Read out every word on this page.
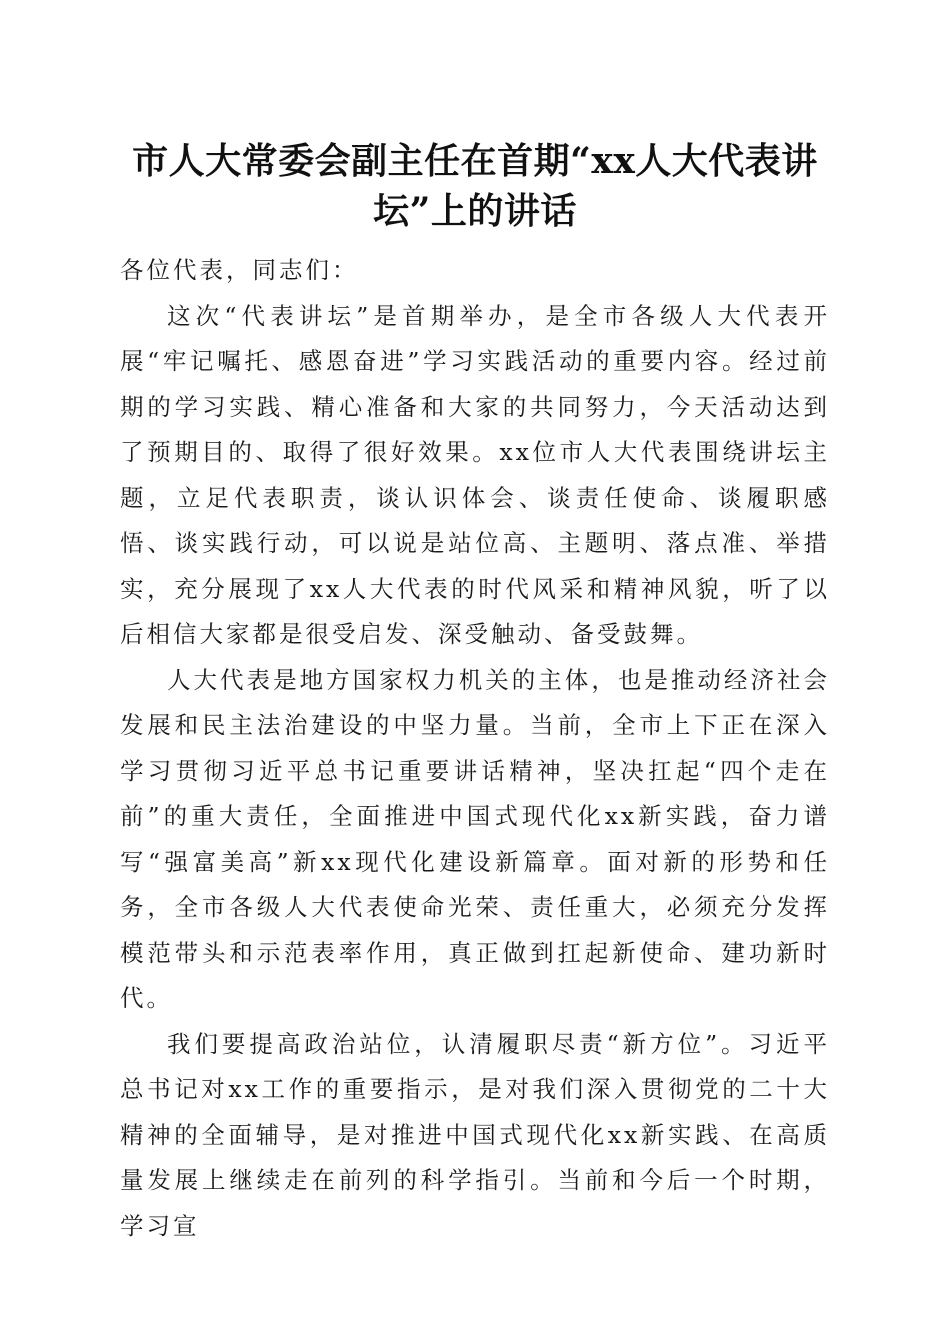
市人大常委会副主任在首期“xx人大代表讲坛”上的讲话

各位代表，同志们：

这次“代表讲坛”是首期举办，是全市各级人大代表开展“牢记嘱托、感恩奋进”学习实践活动的重要内容。经过前期的学习实践、精心准备和大家的共同努力，今天活动达到了预期目的、取得了很好效果。xx位市人大代表围绕讲坛主题，立足代表职责，谈认识体会、谈责任使命、谈履职感悟、谈实践行动，可以说是站位高、主题明、落点准、举措实，充分展现了xx人大代表的时代风采和精神风貌，听了以后相信大家都是很受启发、深受触动、备受鼓舞。

人大代表是地方国家权力机关的主体，也是推动经济社会发展和民主法治建设的中坚力量。当前，全市上下正在深入学习贯彻习近平总书记重要讲话精神，坚决扛起“四个走在前”的重大责任，全面推进中国式现代化xx新实践，奋力谱写“强富美高”新xx现代化建设新篇章。面对新的形势和任务，全市各级人大代表使命光荣、责任重大，必须充分发挥模范带头和示范表率作用，真正做到扛起新使命、建功新时代。

我们要提高政治站位，认清履职尽责“新方位”。习近平总书记对xx工作的重要指示，是对我们深入贯彻党的二十大精神的全面辅导，是对推进中国式现代化xx新实践、在高质量发展上继续走在前列的科学指引。当前和今后一个时期，学习宣
